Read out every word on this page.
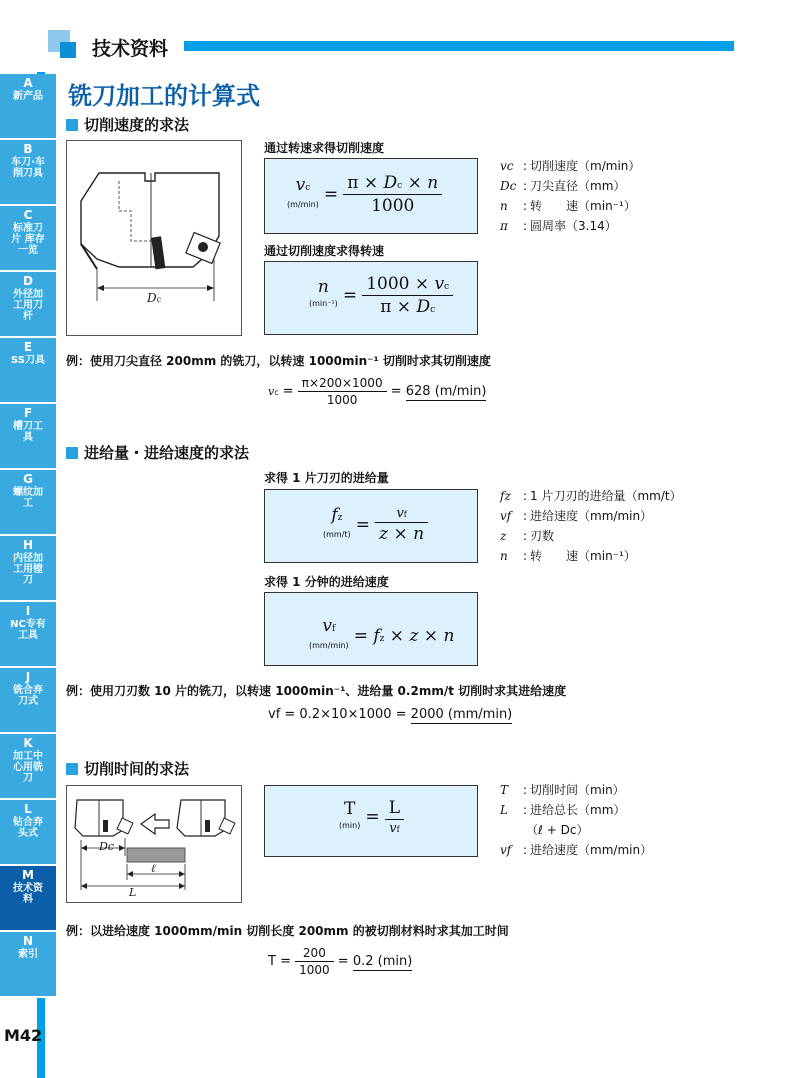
技术资料
A
新产品
B
车刀·车削刀具
C
标准刀片 库存一览
D
外径加工用刀杆
E
SS刀具
F
槽刀工具
G
螺纹加工
H
内径加工用镗刀
I
NC专有工具
J
铣合弃刀式
K
加工中心用铣刀
L
钻合弃头式
M
技术资料
N
索引
M42
铣刀加工的计算式
切削速度的求法
Dc
通过转速求得切削速度
vc
$(m/\min) = \frac{\pi \times Dc \times n}{1000}$
通过切削速度求得转速
n
$(\min^{-1}) = \frac{1000 \times vc}{\pi \times Dc}$
vc : 切削速度（m/min）
Dc : 刀尖直径（mm）
n : 转　　速（min⁻¹）
π : 圆周率（3.14）
例：使用刀尖直径 200mm 的铣刀，以转速 1000min⁻¹ 切削时求其切削速度
vc = $\frac{\pi\times 200\times 1000}{1000} = 628$ (m/min)
进给量・进给速度的求法
求得 1 片刀刃的进给量
fz
$(mm/t) = \frac{vf}{z \times n}$
求得 1 分钟的进给速度
vf
(mm/min) = fz × z × n
fz : 1 片刀刃的进给量（mm/t）
vf : 进给速度（mm/min）
z : 刃数
n : 转　　速（min⁻¹）
例：使用刀刃数 10 片的铣刀，以转速 1000min⁻¹、进给量 0.2mm/t 切削时求其进给速度
vf = 0.2×10×1000 = 2000 (mm/min)
切削时间的求法
Dc
ℓ
L
T
$(\min) = \frac{L}{vf}$
T : 切削时间（min）
L : 进给总长（mm）
（ℓ + Dc）
vf : 进给速度（mm/min）
例：以进给速度 1000mm/min 切削长度 200mm 的被切削材料时求其加工时间
$T = \frac{200}{1000} = 0.2$ (min)
